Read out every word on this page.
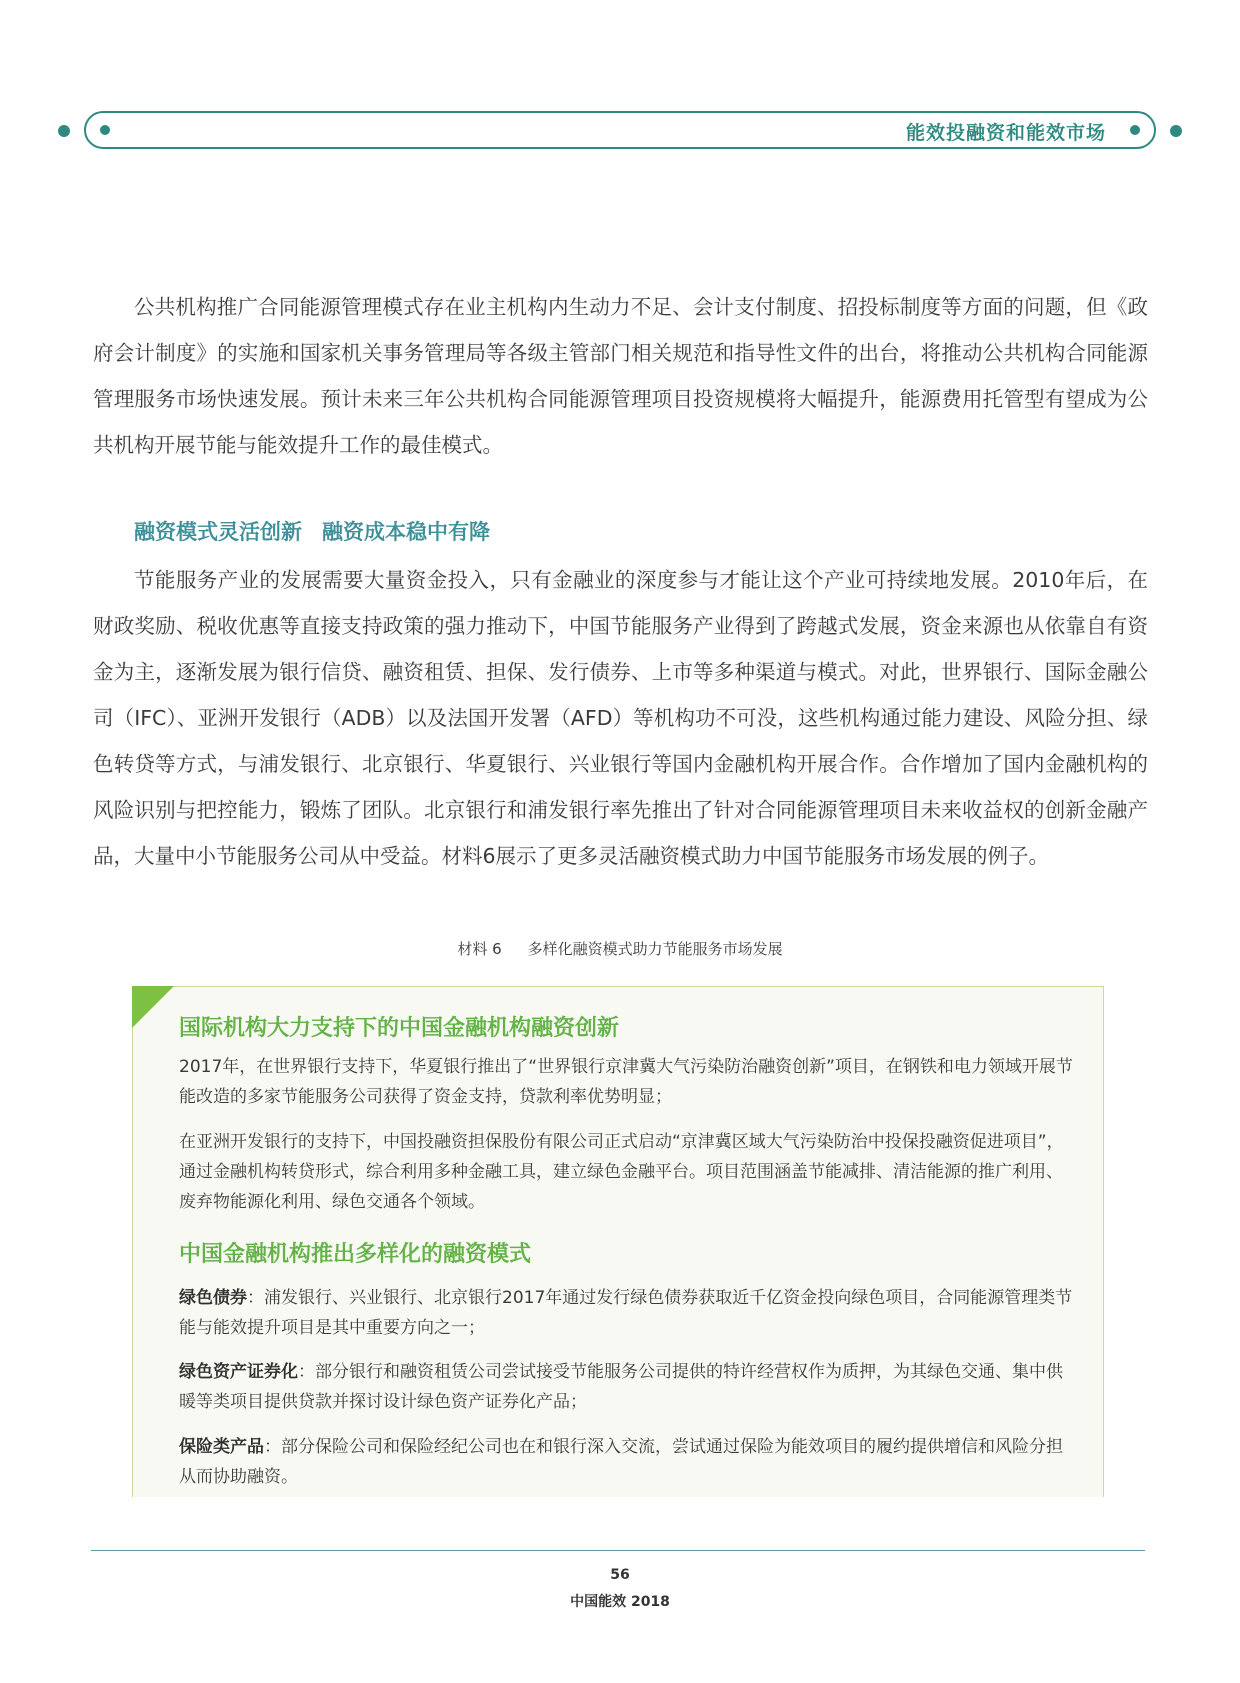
能效投融资和能效市场

公共机构推广合同能源管理模式存在业主机构内生动力不足、会计支付制度、招投标制度等方面的问题，但《政府会计制度》的实施和国家机关事务管理局等各级主管部门相关规范和指导性文件的出台，将推动公共机构合同能源管理服务市场快速发展。预计未来三年公共机构合同能源管理项目投资规模将大幅提升，能源费用托管型有望成为公共机构开展节能与能效提升工作的最佳模式。

融资模式灵活创新 融资成本稳中有降

节能服务产业的发展需要大量资金投入，只有金融业的深度参与才能让这个产业可持续地发展。2010年后，在财政奖励、税收优惠等直接支持政策的强力推动下，中国节能服务产业得到了跨越式发展，资金来源也从依靠自有资金为主，逐渐发展为银行信贷、融资租赁、担保、发行债券、上市等多种渠道与模式。对此，世界银行、国际金融公司（IFC）、亚洲开发银行（ADB）以及法国开发署（AFD）等机构功不可没，这些机构通过能力建设、风险分担、绿色转贷等方式，与浦发银行、北京银行、华夏银行、兴业银行等国内金融机构开展合作。合作增加了国内金融机构的风险识别与把控能力，锻炼了团队。北京银行和浦发银行率先推出了针对合同能源管理项目未来收益权的创新金融产品，大量中小节能服务公司从中受益。材料6展示了更多灵活融资模式助力中国节能服务市场发展的例子。

材料 6 多样化融资模式助力节能服务市场发展
国际机构大力支持下的中国金融机构融资创新

2017年，在世界银行支持下，华夏银行推出了“世界银行京津冀大气污染防治融资创新”项目，在钢铁和电力领域开展节能改造的多家节能服务公司获得了资金支持，贷款利率优势明显；

在亚洲开发银行的支持下，中国投融资担保股份有限公司正式启动“京津冀区域大气污染防治中投保投融资促进项目”，通过金融机构转贷形式，综合利用多种金融工具，建立绿色金融平台。项目范围涵盖节能减排、清洁能源的推广利用、废弃物能源化利用、绿色交通各个领域。

中国金融机构推出多样化的融资模式

绿色债券：浦发银行、兴业银行、北京银行2017年通过发行绿色债券获取近千亿资金投向绿色项目，合同能源管理类节能与能效提升项目是其中重要方向之一；

绿色资产证券化：部分银行和融资租赁公司尝试接受节能服务公司提供的特许经营权作为质押，为其绿色交通、集中供暖等类项目提供贷款并探讨设计绿色资产证券化产品；

保险类产品：部分保险公司和保险经纪公司也在和银行深入交流，尝试通过保险为能效项目的履约提供增信和风险分担从而协助融资。

56
中国能效 2018
